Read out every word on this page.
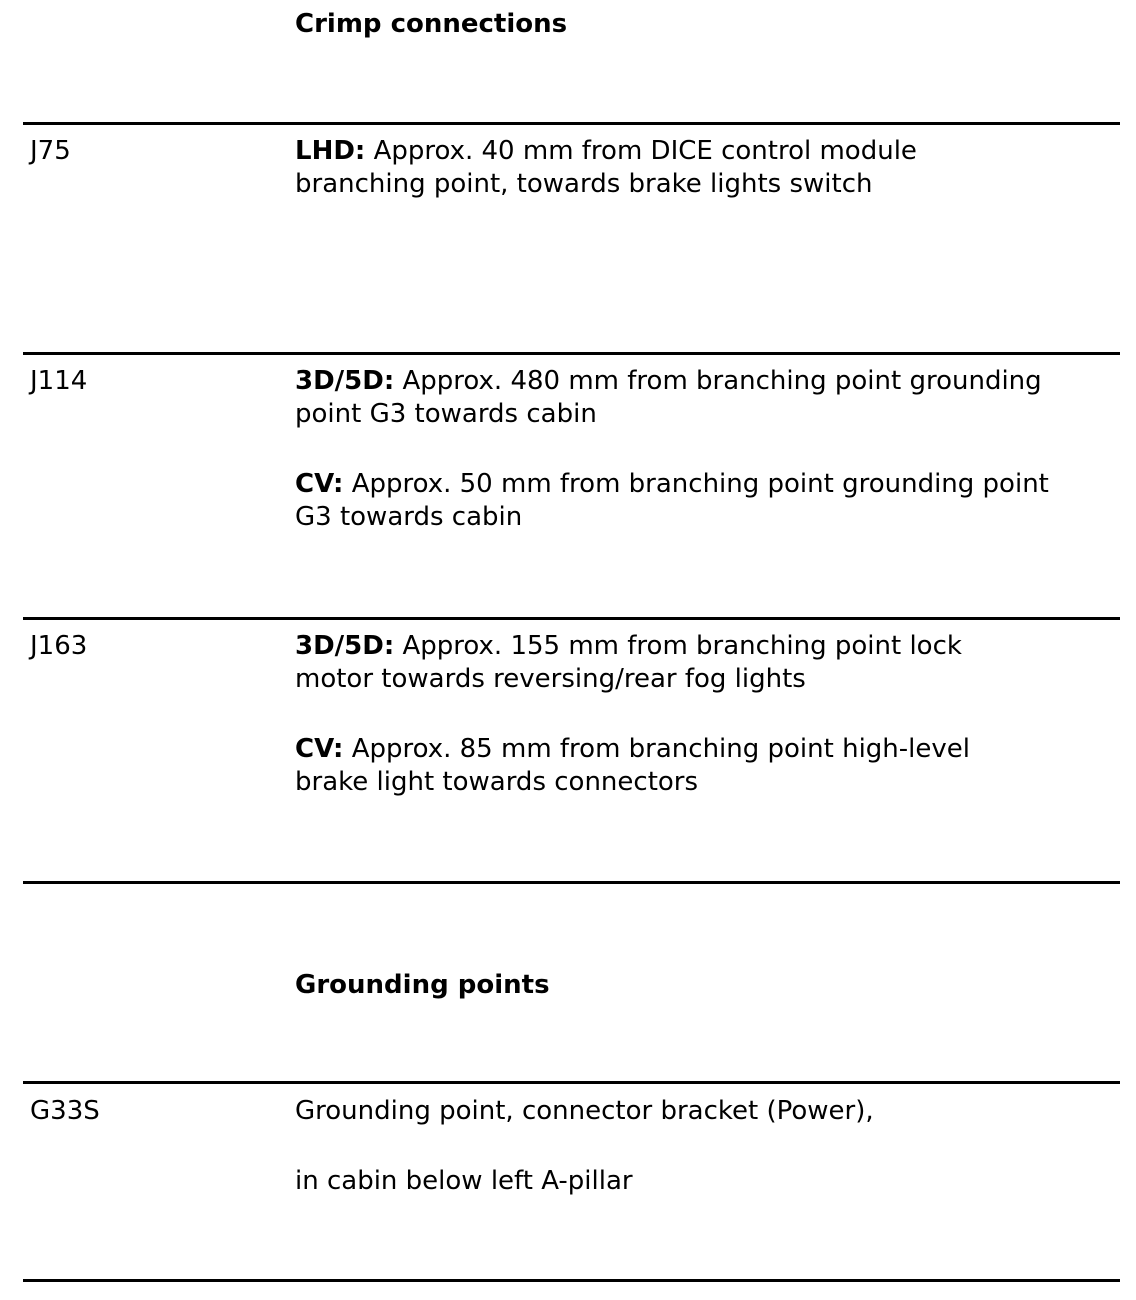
Crimp connections
J75	LHD: Approx. 40 mm from DICE control module
branching point, towards brake lights switch
J114	3D/5D: Approx. 480 mm from branching point grounding
point G3 towards cabin
CV: Approx. 50 mm from branching point grounding point
G3 towards cabin
J163	3D/5D: Approx. 155 mm from branching point lock
motor towards reversing/rear fog lights
CV: Approx. 85 mm from branching point high-level
brake light towards connectors
Grounding points
G33S	Grounding point, connector bracket (Power),
in cabin below left A-pillar
